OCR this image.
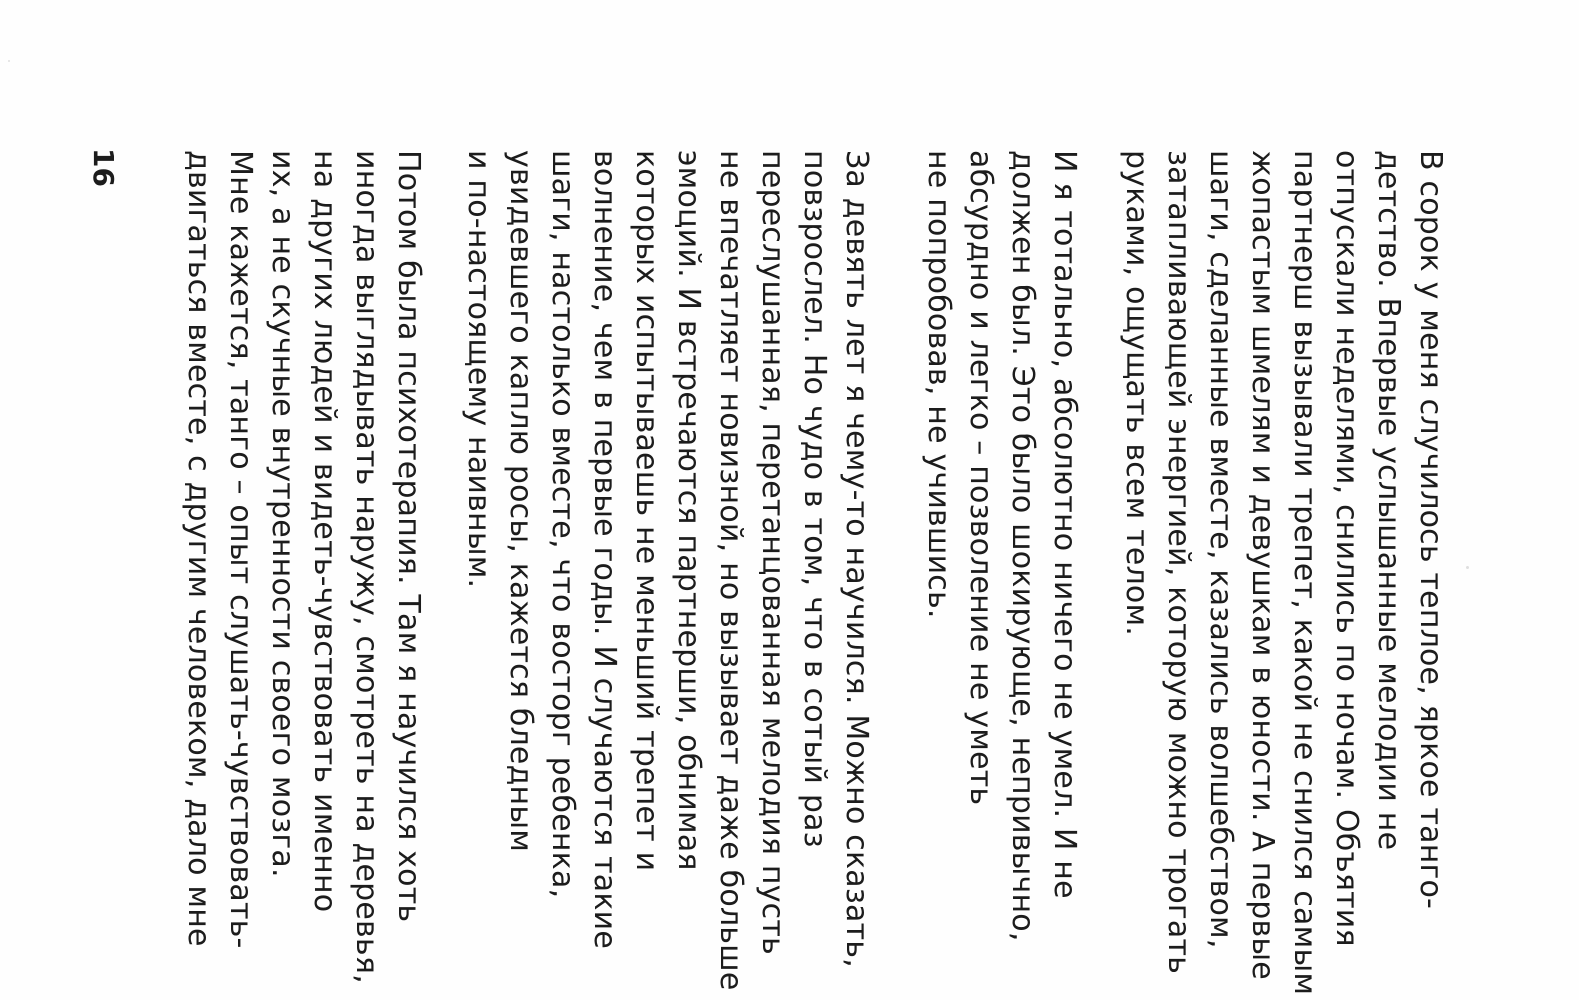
В сорок у меня случилось теплое, яркое танго-

детство. Впервые услышанные мелодии не

отпускали неделями, снились по ночам. Объятия

партнерш вызывали трепет, какой не снился самым

жопастым шмелям и девушкам в юности. А первые

шаги, сделанные вместе, казались волшебством,

затапливающей энергией, которую можно трогать

руками, ощущать всем телом.

И я тотально, абсолютно ничего не умел. И не

должен был. Это было шокирующе, непривычно,

абсурдно и легко – позволение не уметь

не попробовав, не учившись.

За девять лет я чему-то научился. Можно сказать,

повзрослел. Но чудо в том, что в сотый раз

переслушанная, перетанцованная мелодия пусть

не впечатляет новизной, но вызывает даже больше

эмоций. И встречаются партнерши, обнимая

которых испытываешь не меньший трепет и

волнение, чем в первые годы. И случаются такие

шаги, настолько вместе, что восторг ребенка,

увидевшего каплю росы, кажется бледным

и по-настоящему наивным.

Потом была психотерапия. Там я научился хоть

иногда выглядывать наружу, смотреть на деревья,

на других людей и видеть-чувствовать именно

их, а не скучные внутренности своего мозга.

Мне кажется, танго – опыт слушать-чувствовать-

двигаться вместе, с другим человеком, дало мне

16
